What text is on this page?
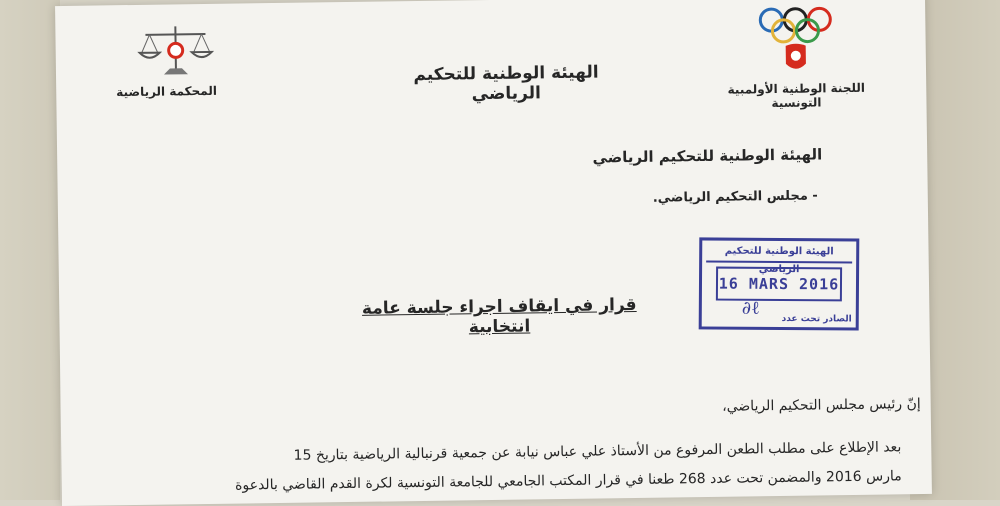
المحكمة الرياضية
الهيئة الوطنية للتحكيم الرياضي	اللجنة الوطنية الأولمبية التونسية
الهيئة الوطنية للتحكيم الرياضي
- مجلس التحكيم الرياضي.
الهيئة الوطنية للتحكيم الرياضي
16 MARS 2016
الصادر تحت عدد
∂ℓ
قرار في ايقاف اجراء جلسة عامة انتخابية
إنّ رئيس مجلس التحكيم الرياضي،
بعد الإطلاع على مطلب الطعن المرفوع من الأستاذ علي عباس نيابة عن جمعية قرنبالية الرياضية بتاريخ 15
مارس 2016 والمضمن تحت عدد 268 طعنا في قرار المكتب الجامعي للجامعة التونسية لكرة القدم القاضي بالدعوة
